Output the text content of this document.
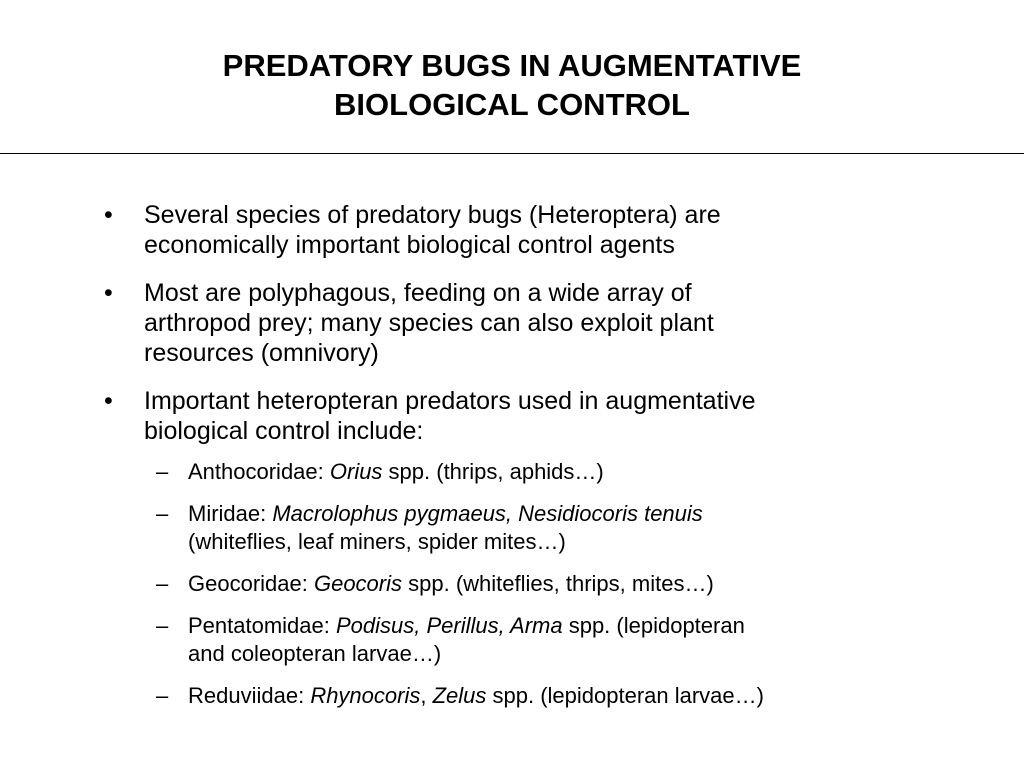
PREDATORY BUGS IN AUGMENTATIVE
BIOLOGICAL CONTROL
• Several species of predatory bugs (Heteroptera) are
economically important biological control agents
• Most are polyphagous, feeding on a wide array of
arthropod prey; many species can also exploit plant
resources (omnivory)
• Important heteropteran predators used in augmentative
biological control include:
– Anthocoridae: Orius spp. (thrips, aphids…)
– Miridae: Macrolophus pygmaeus, Nesidiocoris tenuis
(whiteflies, leaf miners, spider mites…)
– Geocoridae: Geocoris spp. (whiteflies, thrips, mites…)
– Pentatomidae: Podisus, Perillus, Arma spp. (lepidopteran
and coleopteran larvae…)
– Reduviidae: Rhynocoris, Zelus spp. (lepidopteran larvae…)
